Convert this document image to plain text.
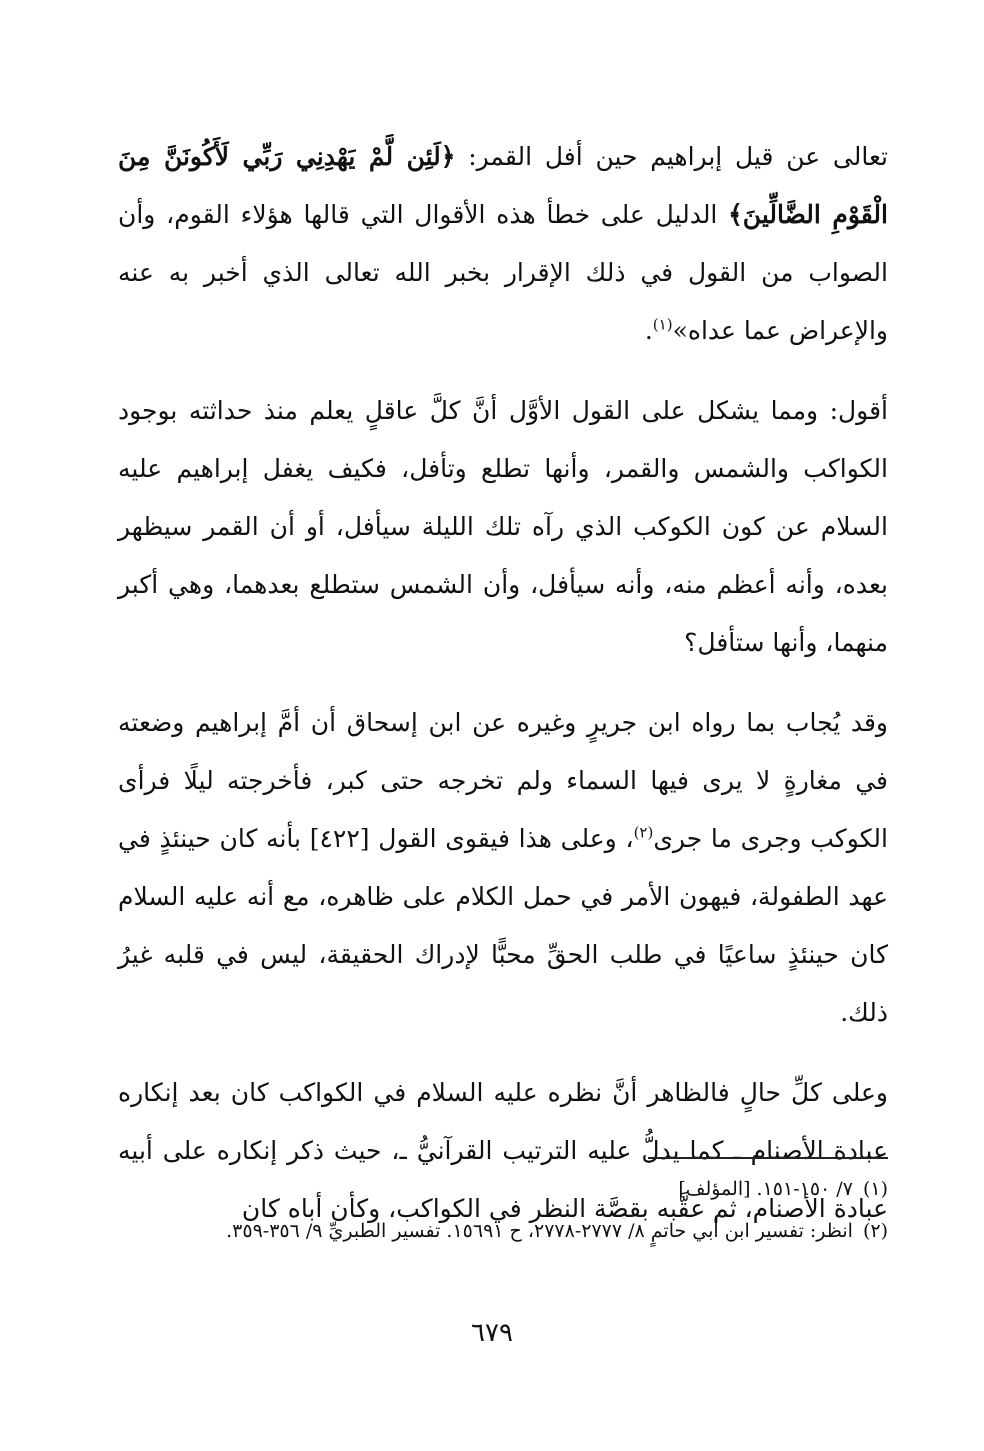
تعالى عن قيل إبراهيم حين أفل القمر: ﴿لَئِن لَّمْ يَهْدِنِي رَبِّي لَأَكُونَنَّ مِنَ الْقَوْمِ الضَّالِّينَ﴾ الدليل على خطأ هذه الأقوال التي قالها هؤلاء القوم، وأن الصواب من القول في ذلك الإقرار بخبر الله تعالى الذي أخبر به عنه والإعراض عما عداه»$^{(١)}$.

أقول: ومما يشكل على القول الأوَّل أنَّ كلَّ عاقلٍ يعلم منذ حداثته بوجود الكواكب والشمس والقمر، وأنها تطلع وتأفل، فكيف يغفل إبراهيم عليه السلام عن كون الكوكب الذي رآه تلك الليلة سيأفل، أو أن القمر سيظهر بعده، وأنه أعظم منه، وأنه سيأفل، وأن الشمس ستطلع بعدهما، وهي أكبر منهما، وأنها ستأفل؟

وقد يُجاب بما رواه ابن جريرٍ وغيره عن ابن إسحاق أن أمَّ إبراهيم وضعته في مغارةٍ لا يرى فيها السماء ولم تخرجه حتى كبر، فأخرجته ليلًا فرأى الكوكب وجرى ما جرى$^{(٢)}$، وعلى هذا فيقوى القول [٤٢٢] بأنه كان حينئذٍ في عهد الطفولة، فيهون الأمر في حمل الكلام على ظاهره، مع أنه عليه السلام كان حينئذٍ ساعيًا في طلب الحقِّ محبًّا لإدراك الحقيقة، ليس في قلبه غيرُ ذلك.

وعلى كلِّ حالٍ فالظاهر أنَّ نظره عليه السلام في الكواكب كان بعد إنكاره عبادة الأصنام ـ كما يدلُّ عليه الترتيب القرآنيُّ ـ، حيث ذكر إنكاره على أبيه عبادة الأصنام، ثم عقَّبه بقصَّة النظر في الكواكب، وكأن أباه كان

(١)٧/ ١٥٠-١٥١. [المؤلف]

(٢)انظر: تفسير ابن أبي حاتمٍ ٨/ ٢٧٧٧-٢٧٧٨، ح ١٥٦٩١. تفسير الطبريِّ ٩/ ٣٥٦-٣٥٩.

٦٧٩
